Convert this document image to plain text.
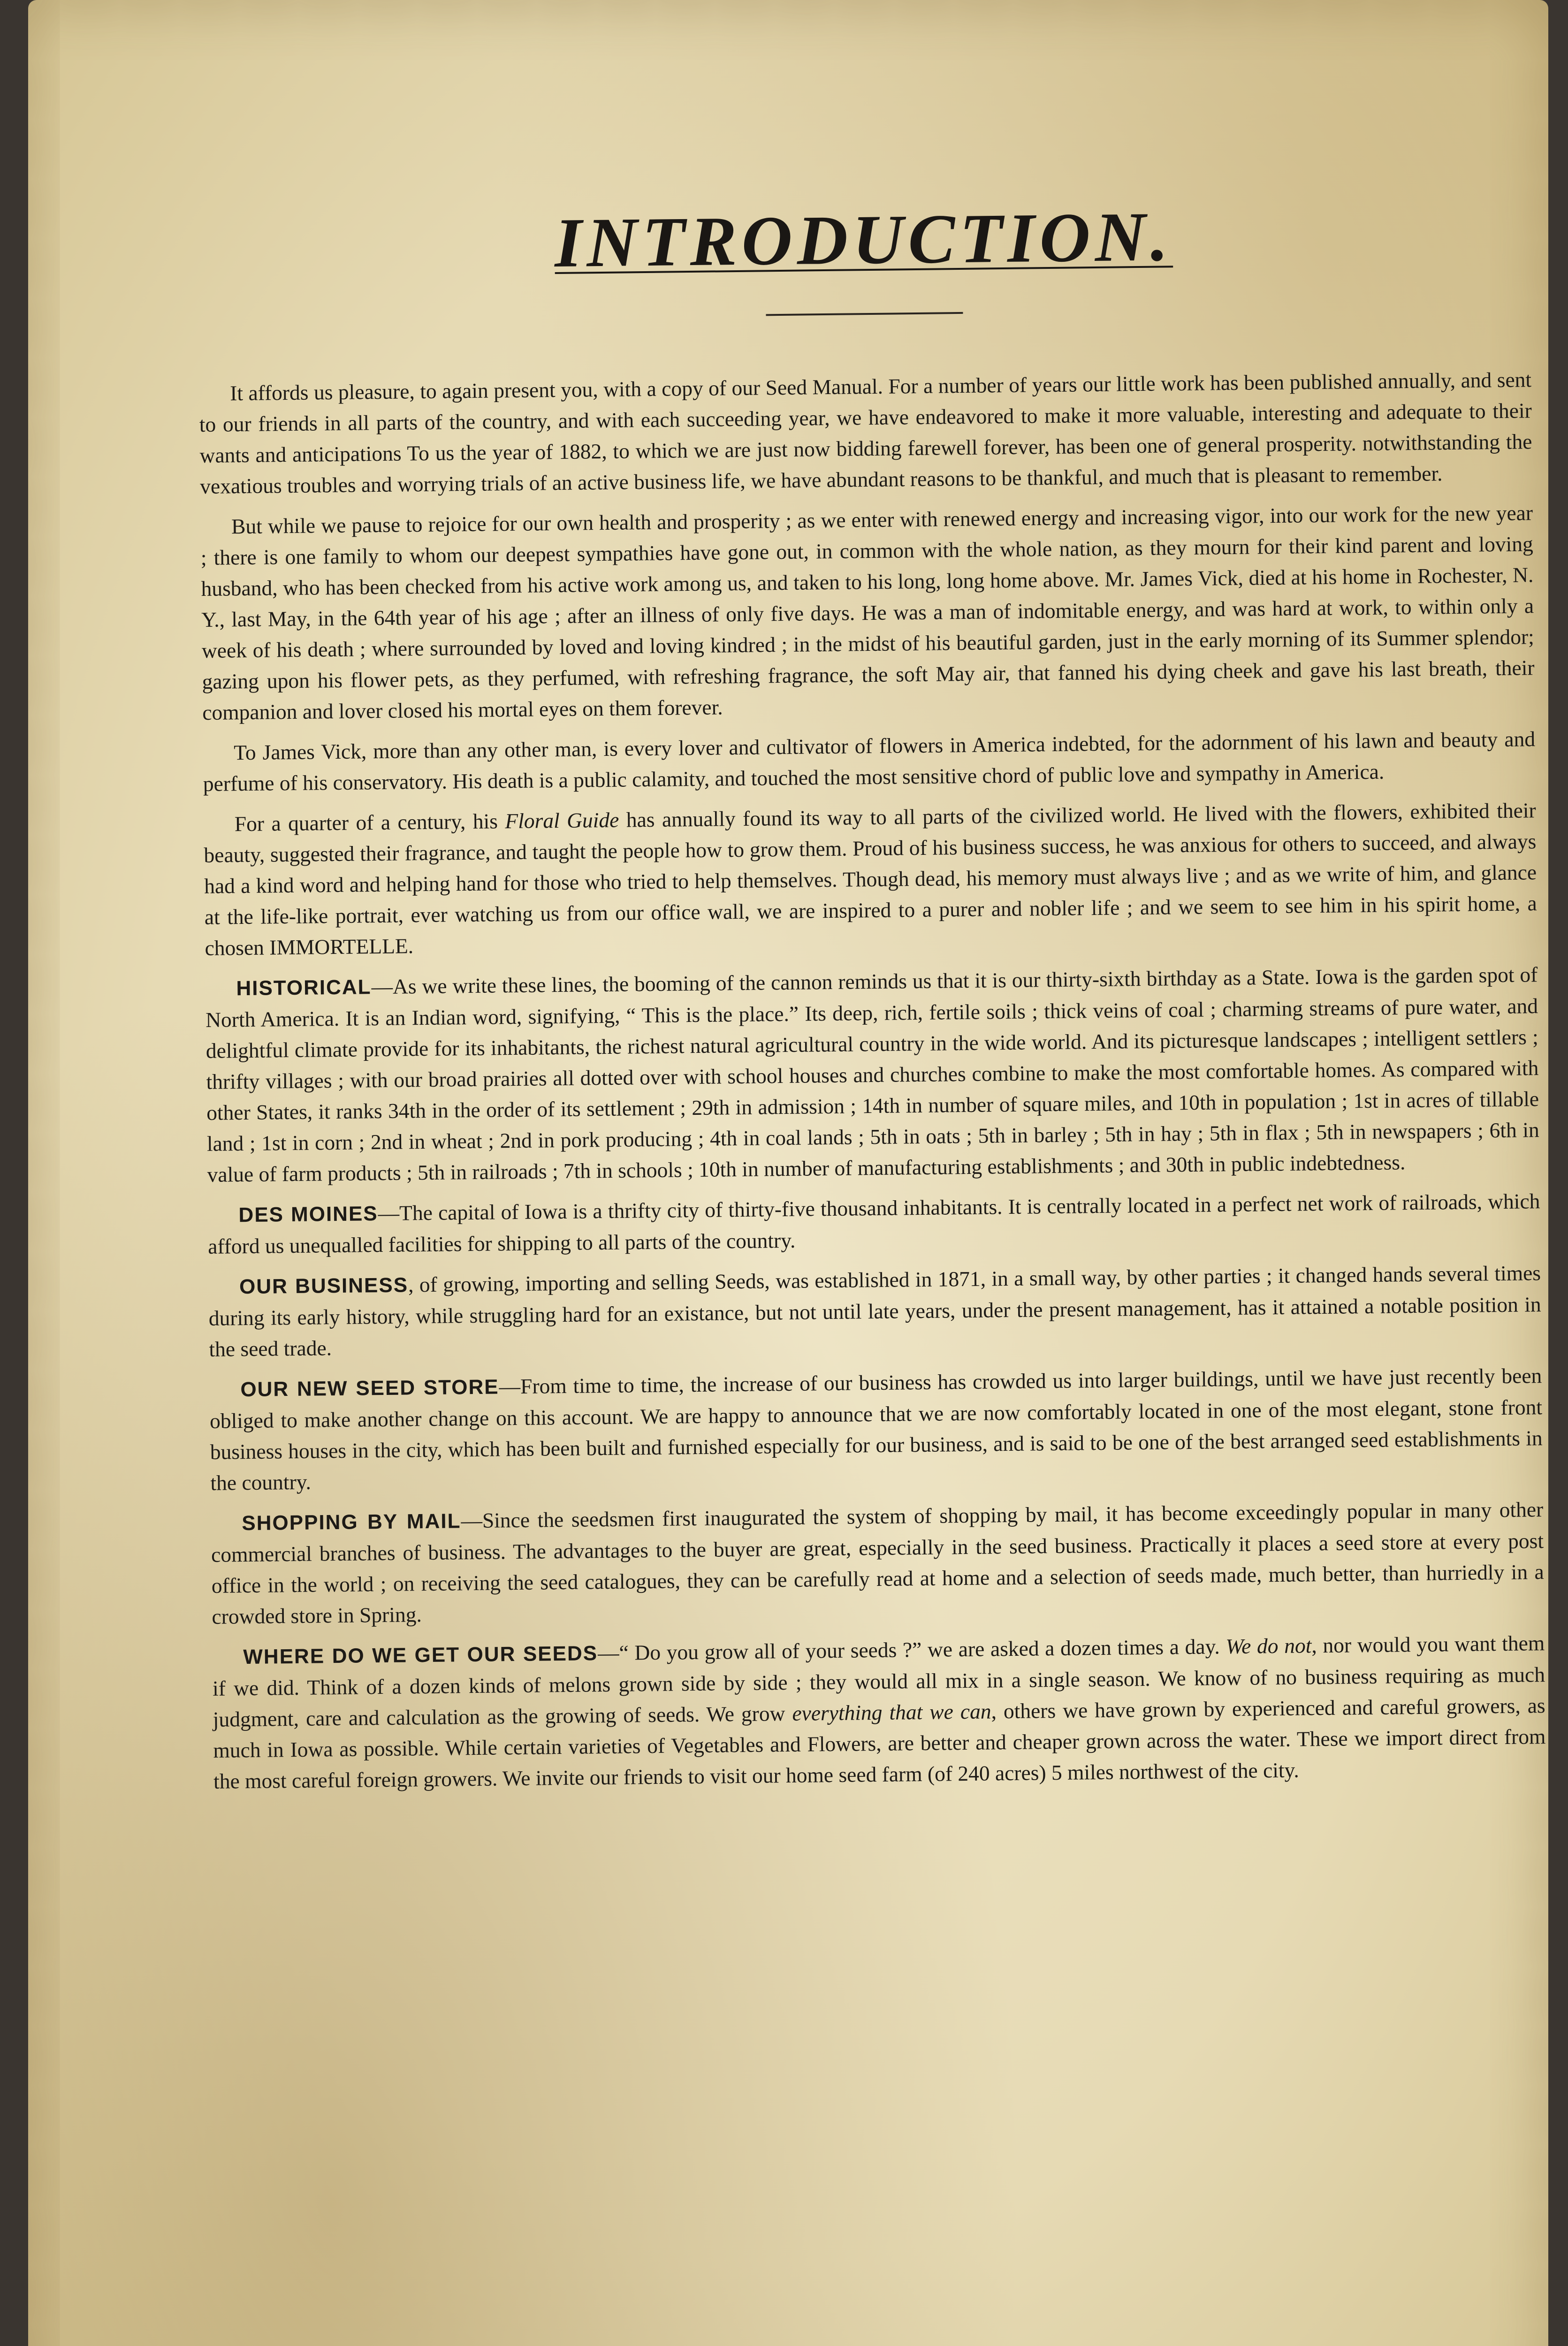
INTRODUCTION.

It affords us pleasure, to again present you, with a copy of our Seed Manual. For a number of years our little work has been published annually, and sent to our friends in all parts of the country, and with each succeeding year, we have endeavored to make it more valuable, interesting and adequate to their wants and anticipations To us the year of 1882, to which we are just now bidding farewell forever, has been one of general prosperity. notwithstanding the vexatious troubles and worrying trials of an active business life, we have abundant reasons to be thankful, and much that is pleasant to remember.

But while we pause to rejoice for our own health and prosperity ; as we enter with renewed energy and increasing vigor, into our work for the new year ; there is one family to whom our deepest sympathies have gone out, in common with the whole nation, as they mourn for their kind parent and loving husband, who has been checked from his active work among us, and taken to his long, long home above. Mr. James Vick, died at his home in Rochester, N. Y., last May, in the 64th year of his age ; after an illness of only five days. He was a man of indomitable energy, and was hard at work, to within only a week of his death ; where surrounded by loved and loving kindred ; in the midst of his beautiful garden, just in the early morning of its Summer splendor; gazing upon his flower pets, as they perfumed, with refreshing fragrance, the soft May air, that fanned his dying cheek and gave his last breath, their companion and lover closed his mortal eyes on them forever.

To James Vick, more than any other man, is every lover and cultivator of flowers in America indebted, for the adornment of his lawn and beauty and perfume of his conservatory. His death is a public calamity, and touched the most sensitive chord of public love and sympathy in America.

For a quarter of a century, his Floral Guide has annually found its way to all parts of the civilized world. He lived with the flowers, exhibited their beauty, suggested their fragrance, and taught the people how to grow them. Proud of his business success, he was anxious for others to succeed, and always had a kind word and helping hand for those who tried to help themselves. Though dead, his memory must always live ; and as we write of him, and glance at the life-like portrait, ever watching us from our office wall, we are inspired to a purer and nobler life ; and we seem to see him in his spirit home, a chosen IMMORTELLE.

HISTORICAL—As we write these lines, the booming of the cannon reminds us that it is our thirty-sixth birthday as a State. Iowa is the garden spot of North America. It is an Indian word, signifying, “ This is the place.” Its deep, rich, fertile soils ; thick veins of coal ; charming streams of pure water, and delightful climate provide for its inhabitants, the richest natural agricultural country in the wide world. And its picturesque landscapes ; intelligent settlers ; thrifty villages ; with our broad prairies all dotted over with school houses and churches combine to make the most comfortable homes. As compared with other States, it ranks 34th in the order of its settlement ; 29th in admission ; 14th in number of square miles, and 10th in population ; 1st in acres of tillable land ; 1st in corn ; 2nd in wheat ; 2nd in pork producing ; 4th in coal lands ; 5th in oats ; 5th in barley ; 5th in hay ; 5th in flax ; 5th in newspapers ; 6th in value of farm products ; 5th in railroads ; 7th in schools ; 10th in number of manufacturing establishments ; and 30th in public indebtedness.

DES MOINES—The capital of Iowa is a thrifty city of thirty-five thousand inhabitants. It is centrally located in a perfect net work of railroads, which afford us unequalled facilities for shipping to all parts of the country.

OUR BUSINESS, of growing, importing and selling Seeds, was established in 1871, in a small way, by other parties ; it changed hands several times during its early history, while struggling hard for an existance, but not until late years, under the present management, has it attained a notable position in the seed trade.

OUR NEW SEED STORE—From time to time, the increase of our business has crowded us into larger buildings, until we have just recently been obliged to make another change on this account. We are happy to announce that we are now comfortably located in one of the most elegant, stone front business houses in the city, which has been built and furnished especially for our business, and is said to be one of the best arranged seed establishments in the country.

SHOPPING BY MAIL—Since the seedsmen first inaugurated the system of shopping by mail, it has become exceedingly popular in many other commercial branches of business. The advantages to the buyer are great, especially in the seed business. Practically it places a seed store at every post office in the world ; on receiving the seed catalogues, they can be carefully read at home and a selection of seeds made, much better, than hurriedly in a crowded store in Spring.

WHERE DO WE GET OUR SEEDS—“ Do you grow all of your seeds ?” we are asked a dozen times a day. We do not, nor would you want them if we did. Think of a dozen kinds of melons grown side by side ; they would all mix in a single season. We know of no business requiring as much judgment, care and calculation as the growing of seeds. We grow everything that we can, others we have grown by experienced and careful growers, as much in Iowa as possible. While certain varieties of Vegetables and Flowers, are better and cheaper grown across the water. These we import direct from the most careful foreign growers. We invite our friends to visit our home seed farm (of 240 acres) 5 miles northwest of the city.
